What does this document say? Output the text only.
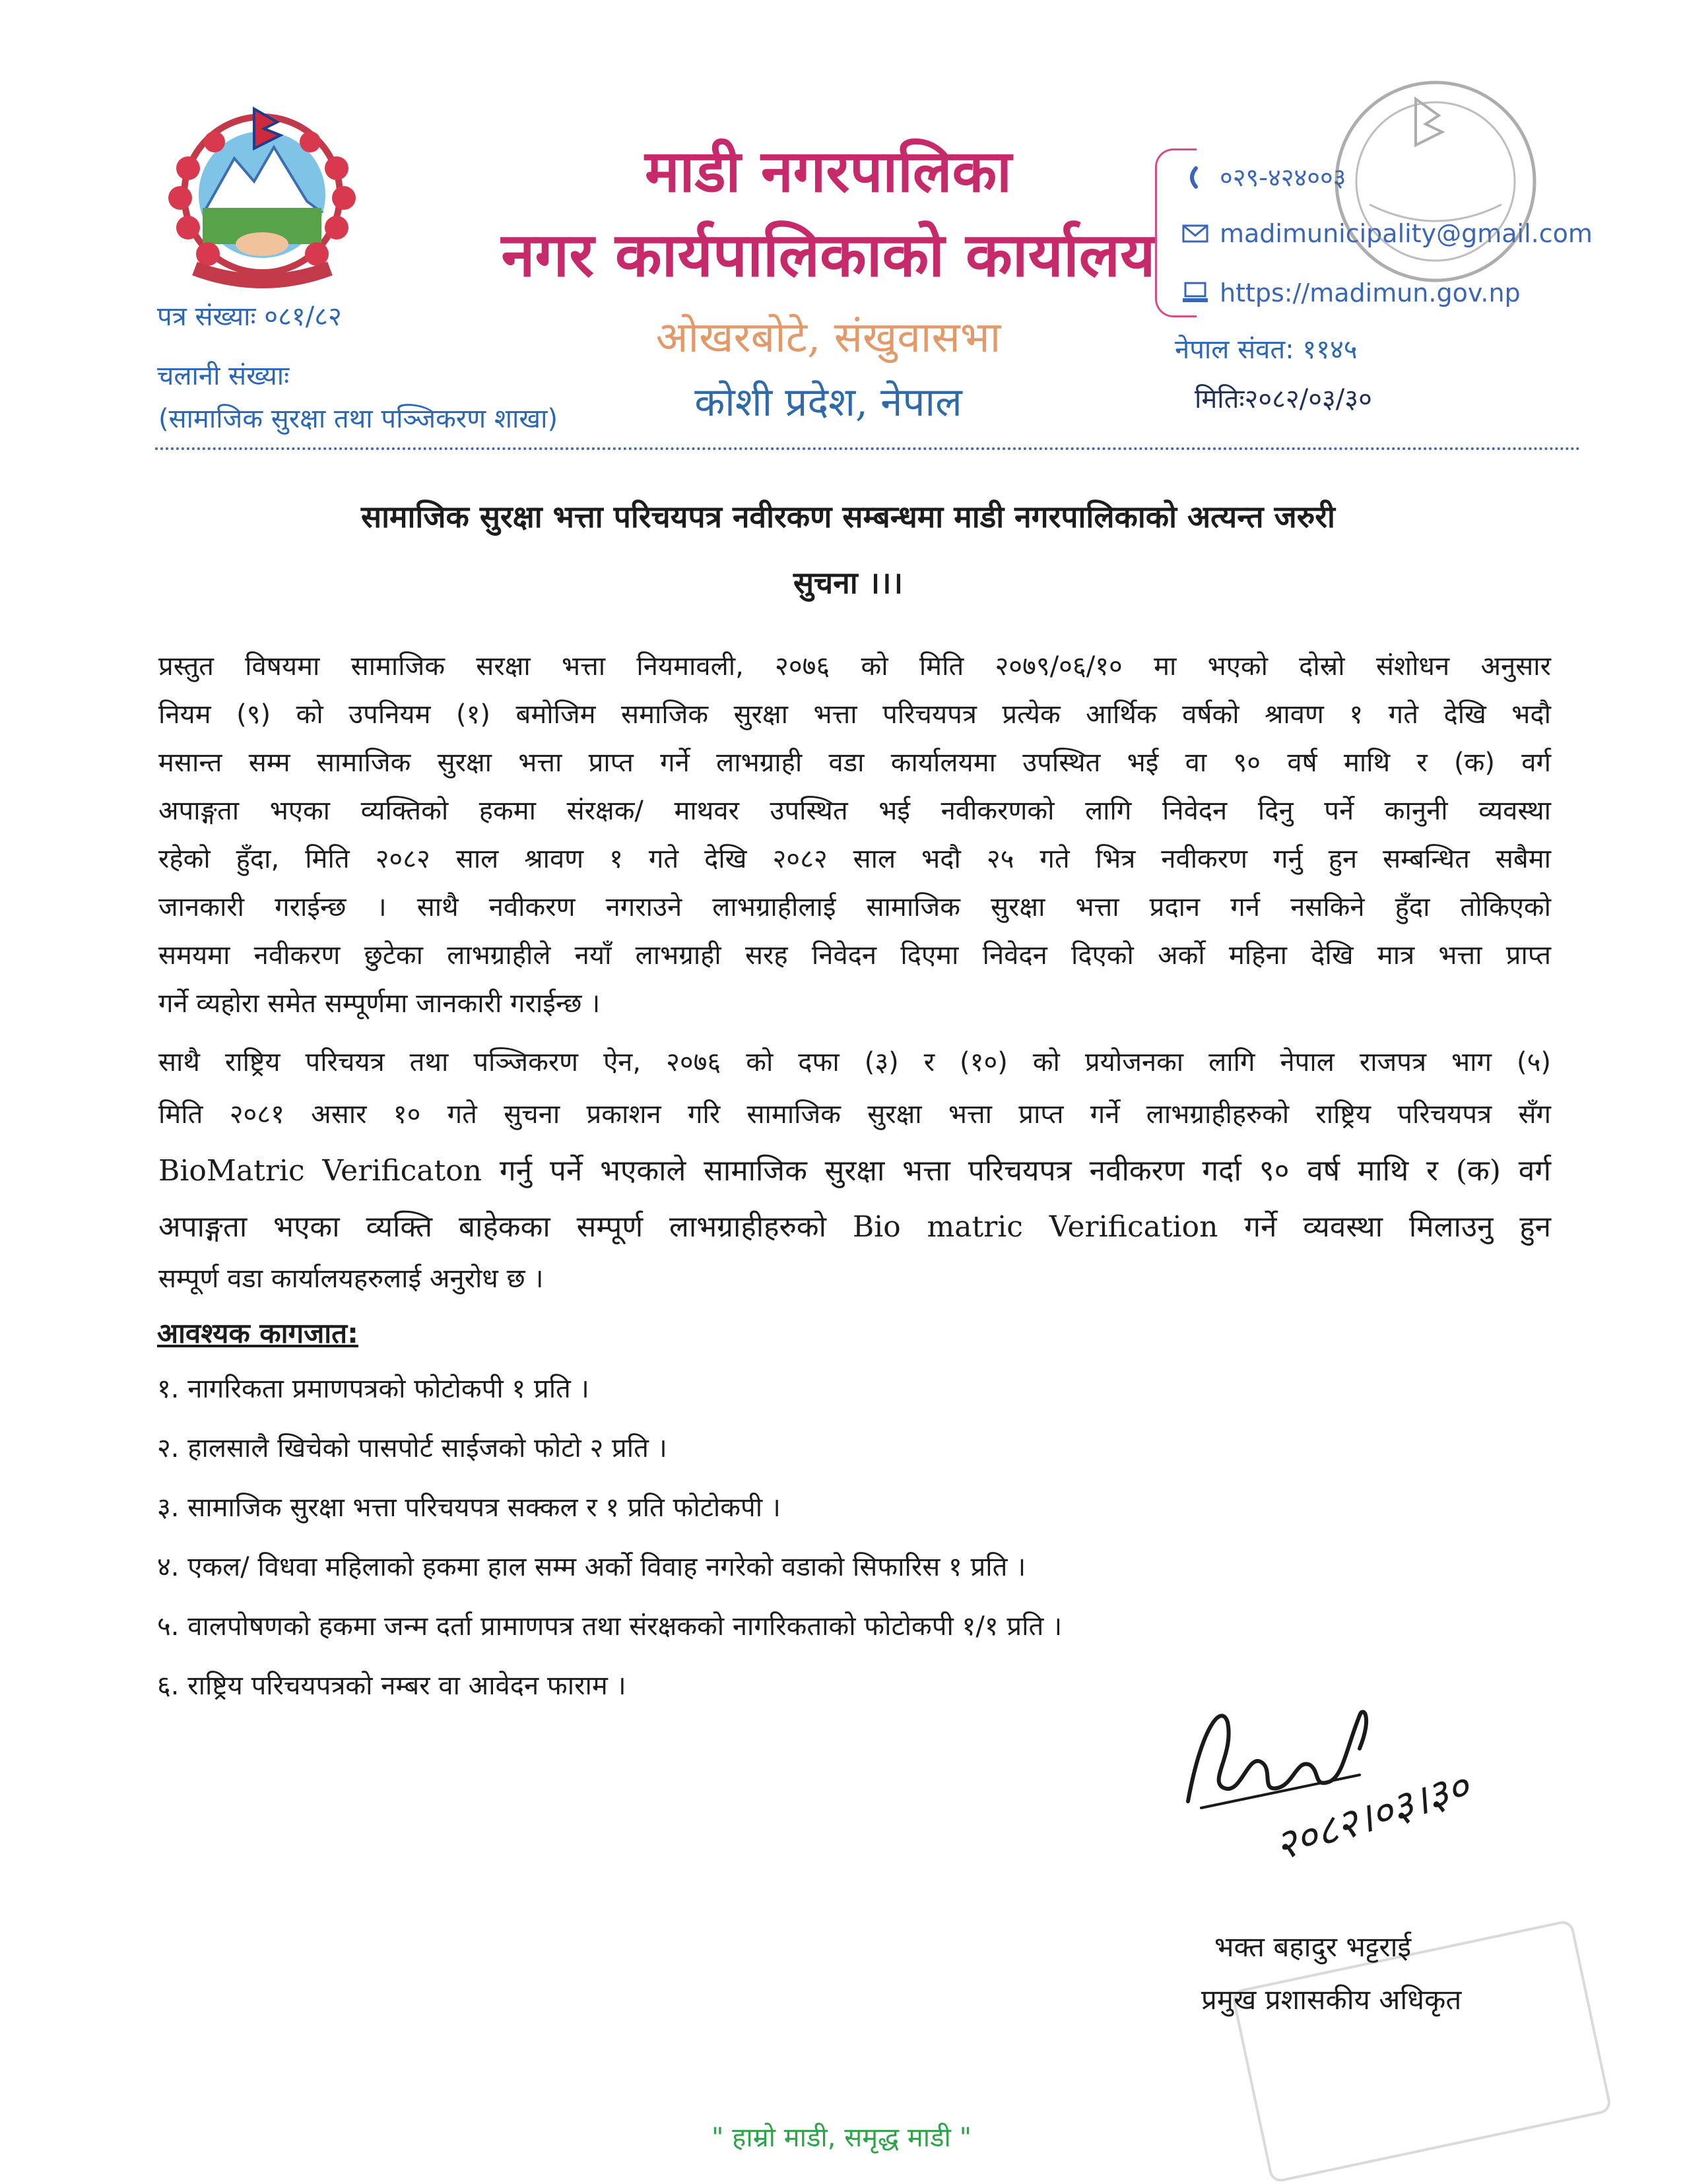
माडी नगरपालिका
नगर कार्यपालिकाको कार्यालय
ओखरबोटे, संखुवासभा
कोशी प्रदेश, नेपाल
पत्र संख्याः ०८१/८२
चलानी संख्याः
(सामाजिक सुरक्षा तथा पञ्जिकरण शाखा)
०२९-४२४००३
madimunicipality@gmail.com
https://madimun.gov.np
नेपाल संवत: ११४५
मितिः२०८२/०३/३०
सामाजिक सुरक्षा भत्ता परिचयपत्र नवीरकण सम्बन्धमा माडी नगरपालिकाको अत्यन्त जरुरी
सुचना ।।।
प्रस्तुत विषयमा सामाजिक सरक्षा भत्ता नियमावली, २०७६ को मिति २०७९/०६/१० मा भएको दोस्रो संशोधन अनुसार
नियम (९) को उपनियम (१) बमोजिम समाजिक सुरक्षा भत्ता परिचयपत्र प्रत्येक आर्थिक वर्षको श्रावण १ गते देखि भदौ
मसान्त सम्म सामाजिक सुरक्षा भत्ता प्राप्त गर्ने लाभग्राही वडा कार्यालयमा उपस्थित भई वा ९० वर्ष माथि र (क) वर्ग
अपाङ्गता भएका व्यक्तिको हकमा संरक्षक/ माथवर उपस्थित भई नवीकरणको लागि निवेदन दिनु पर्ने कानुनी व्यवस्था
रहेको हुँदा, मिति २०८२ साल श्रावण १ गते देखि २०८२ साल भदौ २५ गते भित्र नवीकरण गर्नु हुन सम्बन्धित सबैमा
जानकारी गराईन्छ । साथै नवीकरण नगराउने लाभग्राहीलाई सामाजिक सुरक्षा भत्ता प्रदान गर्न नसकिने हुँदा तोकिएको
समयमा नवीकरण छुटेका लाभग्राहीले नयाँ लाभग्राही सरह निवेदन दिएमा निवेदन दिएको अर्को महिना देखि मात्र भत्ता प्राप्त
गर्ने व्यहोरा समेत सम्पूर्णमा जानकारी गराईन्छ ।
साथै राष्ट्रिय परिचयत्र तथा पञ्जिकरण ऐन, २०७६ को दफा (३) र (१०) को प्रयोजनका लागि नेपाल राजपत्र भाग (५)
मिति २०८१ असार १० गते सुचना प्रकाशन गरि सामाजिक सुरक्षा भत्ता प्राप्त गर्ने लाभग्राहीहरुको राष्ट्रिय परिचयपत्र सँग
BioMatric Verificaton गर्नु पर्ने भएकाले सामाजिक सुरक्षा भत्ता परिचयपत्र नवीकरण गर्दा ९० वर्ष माथि र (क) वर्ग
अपाङ्गता भएका व्यक्ति बाहेकका सम्पूर्ण लाभग्राहीहरुको Bio matric Verification गर्ने व्यवस्था मिलाउनु हुन
सम्पूर्ण वडा कार्यालयहरुलाई अनुरोध छ ।
आवश्यक कागजात:
१. नागरिकता प्रमाणपत्रको फोटोकपी १ प्रति ।
२. हालसालै खिचेको पासपोर्ट साईजको फोटो २ प्रति ।
३. सामाजिक सुरक्षा भत्ता परिचयपत्र सक्कल र १ प्रति फोटोकपी ।
४. एकल/ विधवा महिलाको हकमा हाल सम्म अर्को विवाह नगरेको वडाको सिफारिस १ प्रति ।
५. वालपोषणको हकमा जन्म दर्ता प्रामाणपत्र तथा संरक्षकको नागरिकताको फोटोकपी १/१ प्रति ।
६. राष्ट्रिय परिचयपत्रको नम्बर वा आवेदन फाराम ।
२०८२।०३।३०
भक्त बहादुर भट्टराई
प्रमुख प्रशासकीय अधिकृत
" हाम्रो माडी, समृद्ध माडी "
